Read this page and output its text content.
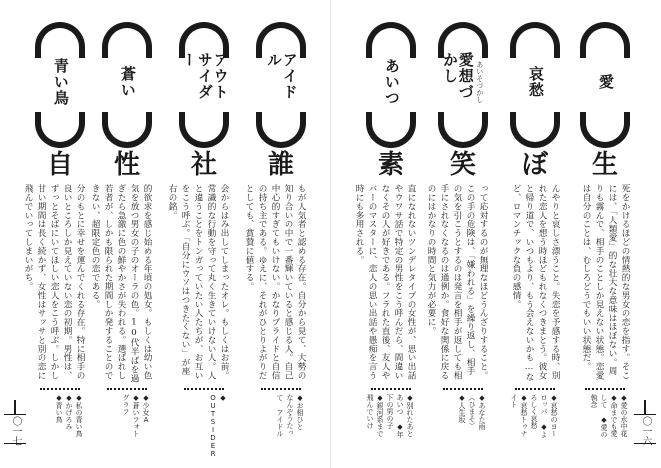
アイドル
誰
もが人気者と認める存在。自分から見て、大勢の知り合いの中で一番輝いていると感じる人。自己中心的すぎてもいけない。かなりプライドと自信の持ち主である。ゆえに、それがひとりよがりだとしても、賞賛に値する。
◆お相ひと なんぞうたって アイドル
アウトサイダー
社
会からはみ出してしまったオレ。もしくはお前。常識的な行動を守って丸く生きていけない人。人と違うことをトンガっていたい人たちが、お互いをこう呼ぶ。「自分にウソはつきたくない」が座右の銘。
◆ OUTSIDER
蒼い
性
的欲求を感じ始める年頃の処女。もしくは幼い色気を放つ男女の子のオーラの色。10代半ばを過ぎたら急激に色の鮮やかさが失われる。選ばれし若者が、しかも限られた期間しか発することのできない、超限定色の恋である。
◆少女A ◆蒼いフォトグラフ
青い鳥
自
分のもとに幸せを運んでくれる存在。特に相手の良いところしか見えていない恋の初期。男性は、ずっとそばにいてほしい恋人をこう呼ぶ。しかし甘い期間は長く続かず、女性はサッサと別の恋に飛んでいってしまいがち。
◆私の青い鳥 ◆かげろみ ◆青い鳥
愛
生
死をかけるほどの情熱的な男女の恋を指す。そこには、「人類愛」的な壮大な意味はほぼない。周りも霧んで、相手のことしか見えない状態。恋愛は自分のことは、むしろどうでもいい状態だ。
◆愛の水中花 ◆命までも愛して ◆愛の執念
哀愁
ぼ
んやりと哀しさ漂うこと。失恋を予感する時、別れた恋人を想う時ほどもれなくつきまとう。彼女と帰り道で、いつもより、もう会えないかも…など、ロマンチックな負の感情。
◆哀愁のヨーロッパ ◆よろしく哀愁 ◆哀愁トゥナイト
愛想づかし	あいそづかし
笑
って応対するのが無理なほどうんざりすること。この手の危険は、「嫌われる」を繰り返し、相手の気を引こうとするのは発言を相手が返しても相手にされなくなるのは通例か。食好な関係に戻るのにはかなりの時間と気力が必要に。
◆あなた雨 （ひまそ） ◆人生坂
あいつ
素
直になれないツンデレタイプの女性が、思い出話やウワサ話で特定の男性をこう呼んだら、間違いなくその人が好きである。フラれた直後、友人やバーのマスターに、恋人の思い出話や愚痴を言う時にも多用される。
◆別れたあとあいつ ◆年下の男の子 ◆銀河系まで飛んでいけ
〇一七	〇一六
